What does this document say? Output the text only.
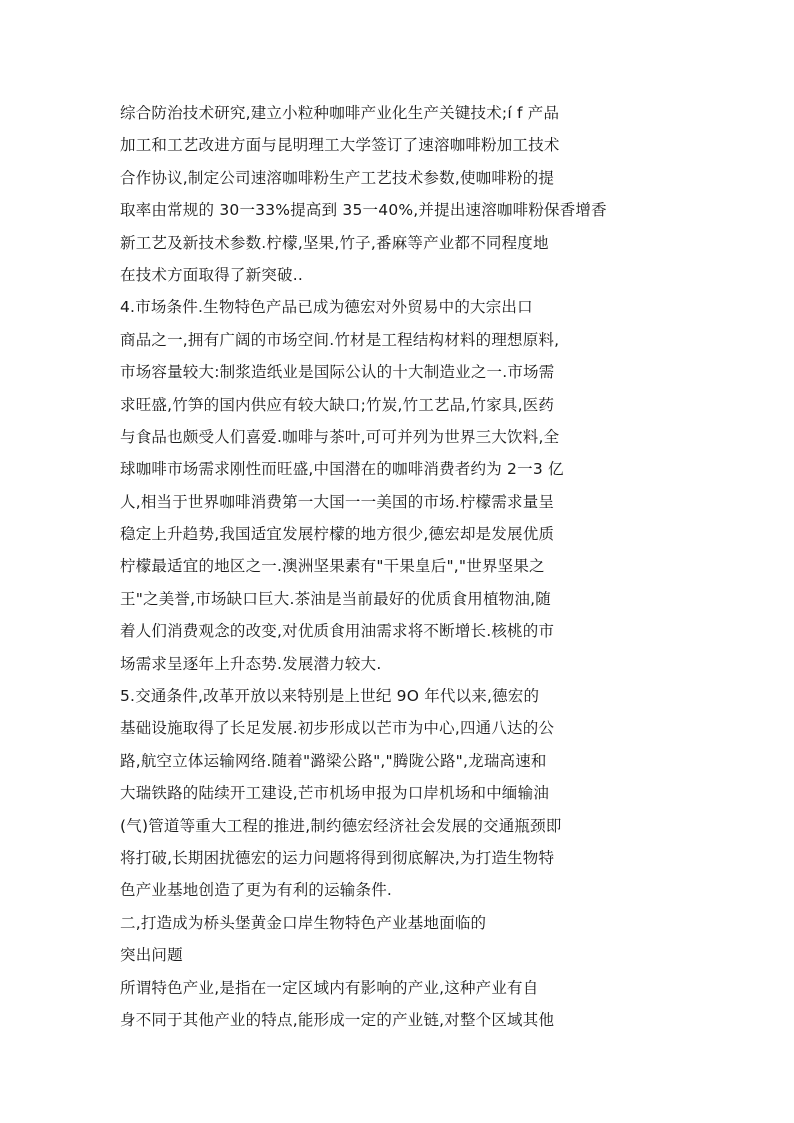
综合防治技术研究,建立小粒种咖啡产业化生产关键技术;í f 产品
加工和工艺改进方面与昆明理工大学签订了速溶咖啡粉加工技术
合作协议,制定公司速溶咖啡粉生产工艺技术参数,使咖啡粉的提
取率由常规的 30一33%提高到 35一40%,并提出速溶咖啡粉保香增香
新工艺及新技术参数.柠檬,坚果,竹子,番麻等产业都不同程度地
在技术方面取得了新突破..
4.市场条件.生物特色产品已成为德宏对外贸易中的大宗出口
商品之一,拥有广阔的市场空间.竹材是工程结构材料的理想原料,
市场容量较大:制浆造纸业是国际公认的十大制造业之一.市场需
求旺盛,竹笋的国内供应有较大缺口;竹炭,竹工艺品,竹家具,医药
与食品也颇受人们喜爱.咖啡与茶叶,可可并列为世界三大饮料,全
球咖啡市场需求刚性而旺盛,中国潜在的咖啡消费者约为 2一3 亿
人,相当于世界咖啡消费第一大国一一美国的市场.柠檬需求量呈
稳定上升趋势,我国适宜发展柠檬的地方很少,德宏却是发展优质
柠檬最适宜的地区之一.澳洲坚果素有"干果皇后","世界坚果之
王"之美誉,市场缺口巨大.茶油是当前最好的优质食用植物油,随
着人们消费观念的改变,对优质食用油需求将不断增长.核桃的市
场需求呈逐年上升态势.发展潜力较大.
5.交通条件,改革开放以来特别是上世纪 9O 年代以来,德宏的
基础设施取得了长足发展.初步形成以芒市为中心,四通八达的公
路,航空立体运输网络.随着"潞梁公路","腾陇公路",龙瑞高速和
大瑞铁路的陆续开工建设,芒市机场申报为口岸机场和中缅输油
(气)管道等重大工程的推进,制约德宏经济社会发展的交通瓶颈即
将打破,长期困扰德宏的运力问题将得到彻底解决,为打造生物特
色产业基地创造了更为有利的运输条件.
二,打造成为桥头堡黄金口岸生物特色产业基地面临的
突出问题
所谓特色产业,是指在一定区域内有影响的产业,这种产业有自
身不同于其他产业的特点,能形成一定的产业链,对整个区域其他
